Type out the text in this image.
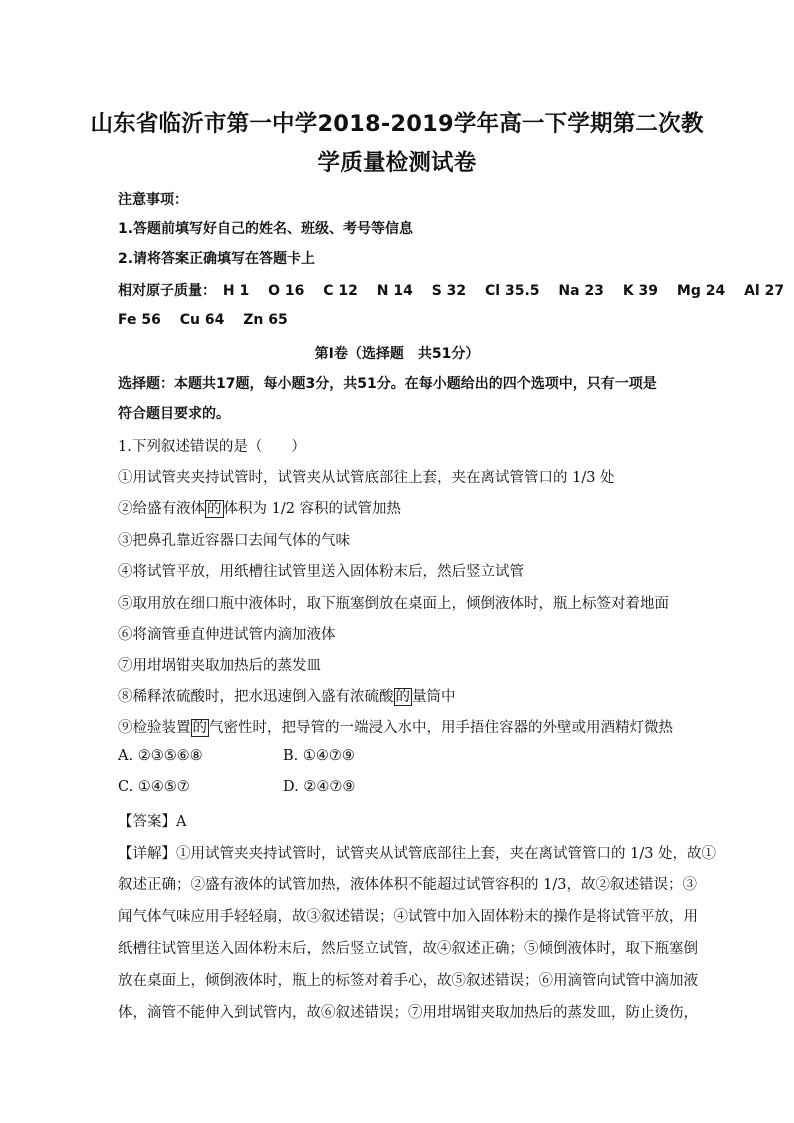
山东省临沂市第一中学2018-2019学年高一下学期第二次教
学质量检测试卷
注意事项：
1.答题前填写好自己的姓名、班级、考号等信息
2.请将答案正确填写在答题卡上
相对原子质量： H 1 O 16 C 12 N 14 S 32 Cl 35.5 Na 23 K 39 Mg 24 Al 27
Fe 56 Cu 64 Zn 65
第Ⅰ卷（选择题　共51分）
选择题：本题共17题，每小题3分，共51分。在每小题给出的四个选项中，只有一项是
符合题目要求的。
1.下列叙述错误的是（　　）
①用试管夹夹持试管时，试管夹从试管底部往上套，夹在离试管管口的 1/3 处
②给盛有液体 的 体积为 1/2 容积的试管加热
③把鼻孔靠近容器口去闻气体的气味
④将试管平放，用纸槽往试管里送入固体粉末后，然后竖立试管
⑤取用放在细口瓶中液体时，取下瓶塞倒放在桌面上，倾倒液体时，瓶上标签对着地面
⑥将滴管垂直伸进试管内滴加液体
⑦用坩埚钳夹取加热后的蒸发皿
⑧稀释浓硫酸时，把水迅速倒入盛有浓硫酸 的 量筒中
⑨检验装置 的 气密性时，把导管的一端浸入水中，用手捂住容器的外壁或用酒精灯微热
A. ②③⑤⑥⑧	B. ①④⑦⑨
C. ①④⑤⑦	D. ②④⑦⑨
【答案】A
【详解】①用试管夹夹持试管时，试管夹从试管底部往上套，夹在离试管管口的 1/3 处，故①
叙述正确；②盛有液体的试管加热，液体体积不能超过试管容积的 1/3，故②叙述错误；③
闻气体气味应用手轻轻扇，故③叙述错误；④试管中加入固体粉末的操作是将试管平放，用
纸槽往试管里送入固体粉末后，然后竖立试管，故④叙述正确；⑤倾倒液体时，取下瓶塞倒
放在桌面上，倾倒液体时，瓶上的标签对着手心，故⑤叙述错误；⑥用滴管向试管中滴加液
体，滴管不能伸入到试管内，故⑥叙述错误；⑦用坩埚钳夹取加热后的蒸发皿，防止烫伤，
